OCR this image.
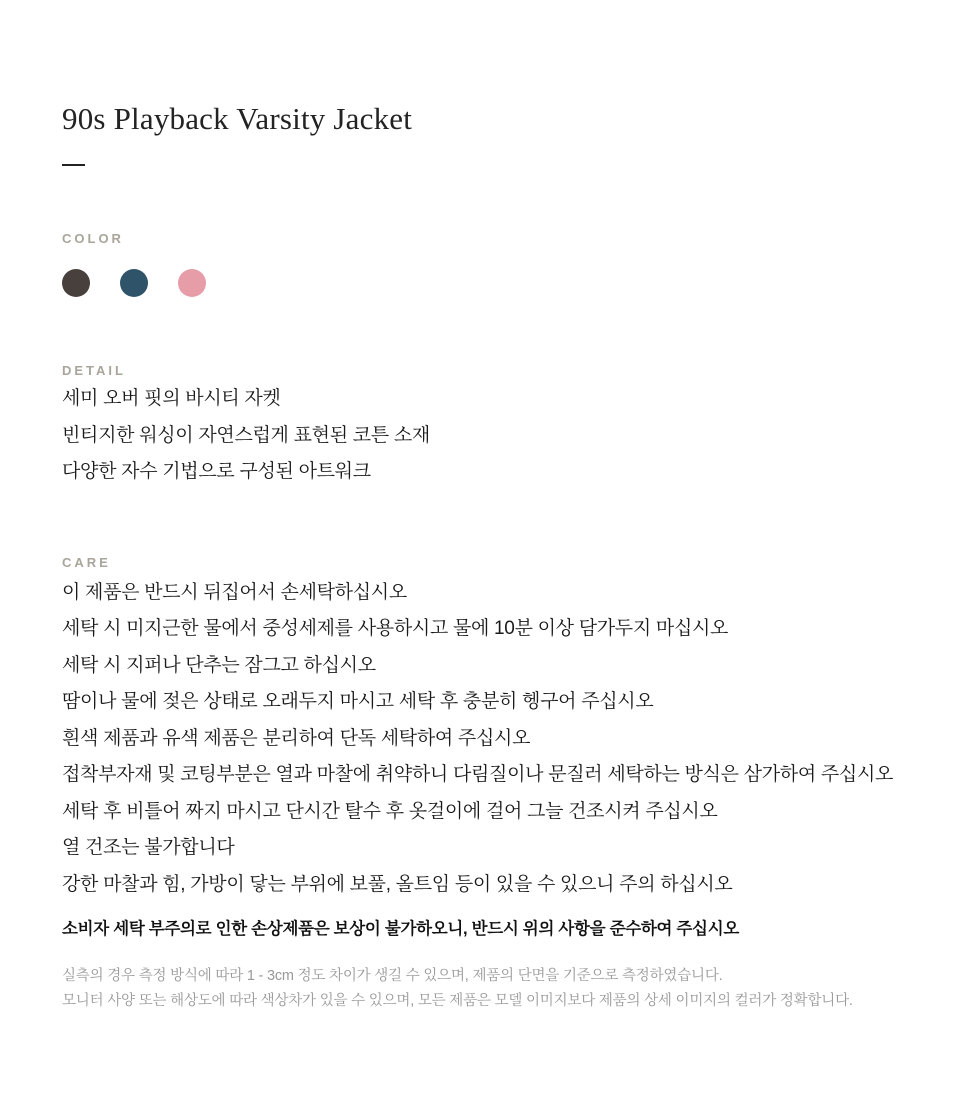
90s Playback Varsity Jacket
COLOR
DETAIL
세미 오버 핏의 바시티 자켓
빈티지한 워싱이 자연스럽게 표현된 코튼 소재
다양한 자수 기법으로 구성된 아트워크
CARE
이 제품은 반드시 뒤집어서 손세탁하십시오
세탁 시 미지근한 물에서 중성세제를 사용하시고 물에 10분 이상 담가두지 마십시오
세탁 시 지퍼나 단추는 잠그고 하십시오
땀이나 물에 젖은 상태로 오래두지 마시고 세탁 후 충분히 헹구어 주십시오
흰색 제품과 유색 제품은 분리하여 단독 세탁하여 주십시오
접착부자재 및 코팅부분은 열과 마찰에 취약하니 다림질이나 문질러 세탁하는 방식은 삼가하여 주십시오
세탁 후 비틀어 짜지 마시고 단시간 탈수 후 옷걸이에 걸어 그늘 건조시켜 주십시오
열 건조는 불가합니다
강한 마찰과 힘, 가방이 닿는 부위에 보풀, 올트임 등이 있을 수 있으니 주의 하십시오
소비자 세탁 부주의로 인한 손상제품은 보상이 불가하오니, 반드시 위의 사항을 준수하여 주십시오
실측의 경우 측정 방식에 따라 1 - 3cm 정도 차이가 생길 수 있으며, 제품의 단면을 기준으로 측정하였습니다.
모니터 사양 또는 해상도에 따라 색상차가 있을 수 있으며, 모든 제품은 모델 이미지보다 제품의 상세 이미지의 컬러가 정확합니다.
